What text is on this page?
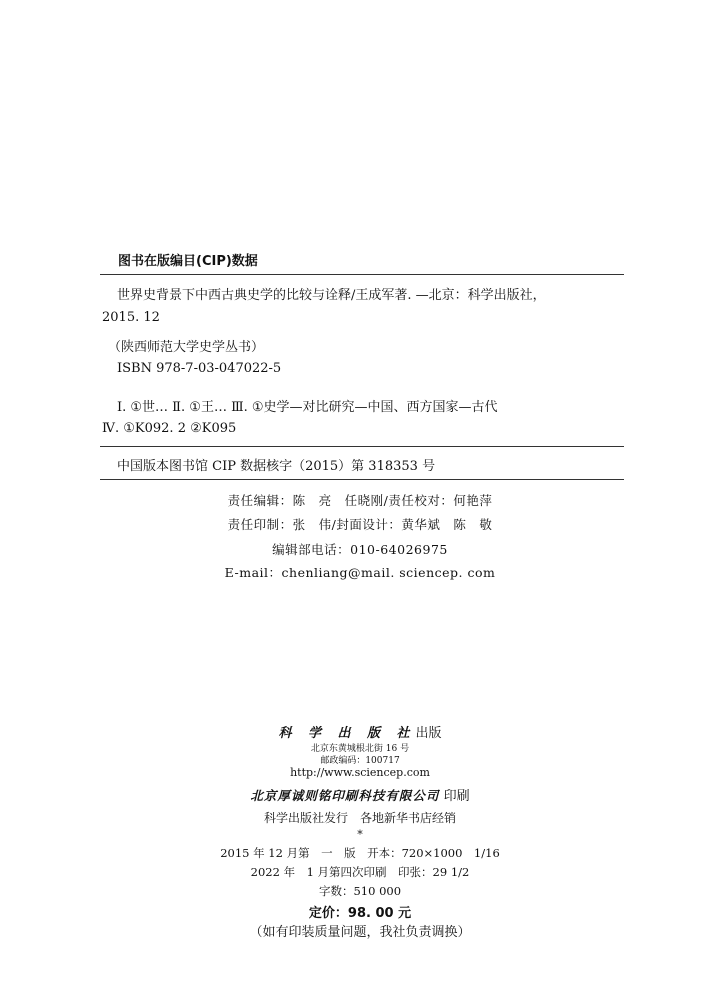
图书在版编目(CIP)数据
世界史背景下中西古典史学的比较与诠释/王成军著. —北京：科学出版社，
2015. 12
（陕西师范大学史学丛书）
ISBN 978-7-03-047022-5
Ⅰ. ①世… Ⅱ. ①王… Ⅲ. ①史学—对比研究—中国、西方国家—古代
Ⅳ. ①K092. 2 ②K095
中国版本图书馆 CIP 数据核字（2015）第 318353 号
责任编辑：陈　亮　任晓刚/责任校对：何艳萍
责任印制：张　伟/封面设计：黄华斌　陈　敬
编辑部电话：010-64026975
E-mail：chenliang@mail. sciencep. com
科 学 出 版 社出版
北京东黄城根北街 16 号
邮政编码：100717
http://www.sciencep.com
北京厚诚则铭印刷科技有限公司 印刷
科学出版社发行　各地新华书店经销
*
2015 年 12 月第　一　版　开本：720×1000　1/16
2022 年　1 月第四次印刷　印张：29 1/2
字数：510 000
定价：98. 00 元
（如有印装质量问题，我社负责调换）
